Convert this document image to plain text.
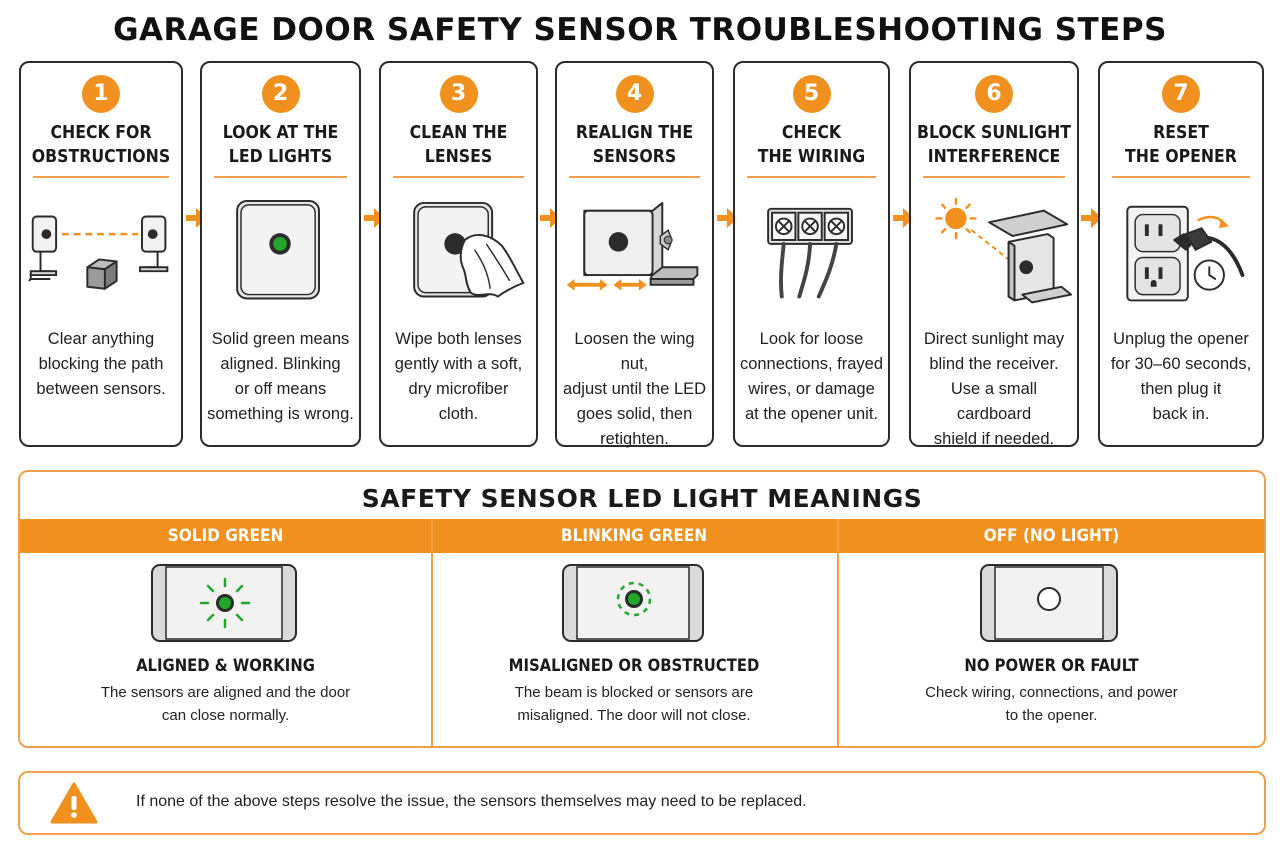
GARAGE DOOR SAFETY SENSOR TROUBLESHOOTING STEPS
1
CHECK FOR
OBSTRUCTIONS
Clear anything
blocking the path
between sensors.
2
LOOK AT THE
LED LIGHTS
Solid green means
aligned. Blinking
or off means
something is wrong.
3
CLEAN THE
LENSES
Wipe both lenses
gently with a soft,
dry microfiber
cloth.
4
REALIGN THE
SENSORS
Loosen the wing nut,
adjust until the LED
goes solid, then
retighten.
5
CHECK
THE WIRING
Look for loose
connections, frayed
wires, or damage
at the opener unit.
6
BLOCK SUNLIGHT
INTERFERENCE
Direct sunlight may
blind the receiver.
Use a small cardboard
shield if needed.
7
RESET
THE OPENER
Unplug the opener
for 30–60 seconds,
then plug it
back in.
SAFETY SENSOR LED LIGHT MEANINGS
SOLID GREEN
ALIGNED & WORKING
The sensors are aligned and the door
can close normally.
BLINKING GREEN
MISALIGNED OR OBSTRUCTED
The beam is blocked or sensors are
misaligned. The door will not close.
OFF (NO LIGHT)
NO POWER OR FAULT
Check wiring, connections, and power
to the opener.
If none of the above steps resolve the issue, the sensors themselves may need to be replaced.
